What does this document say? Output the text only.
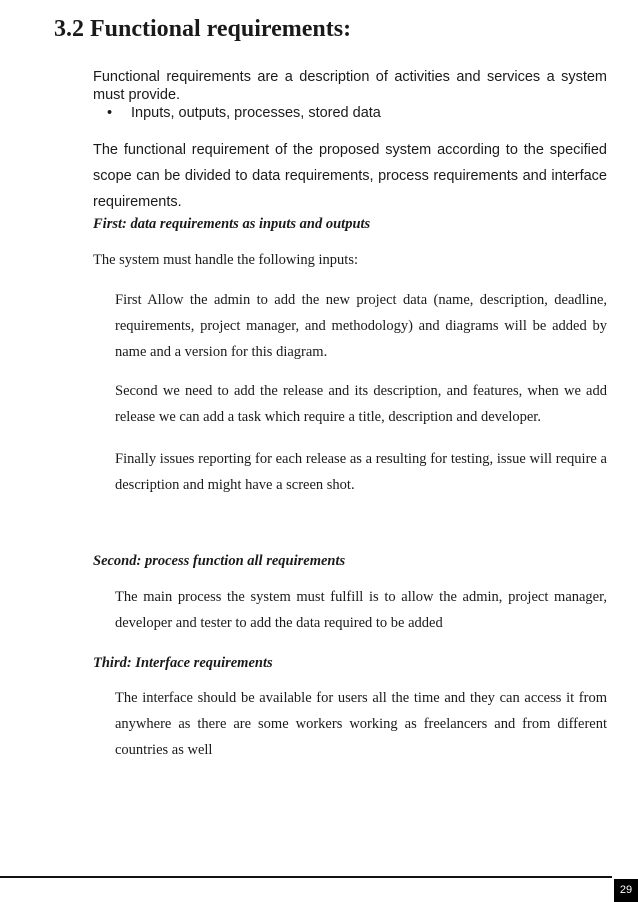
3.2 Functional requirements:

Functional requirements are a description of activities and services a system must provide.

• Inputs, outputs, processes, stored data

The functional requirement of the proposed system according to the specified scope can be divided to data requirements, process requirements and interface requirements.

First: data requirements as inputs and outputs

The system must handle the following inputs:

First Allow the admin to add the new project data (name, description, deadline, requirements, project manager, and methodology) and diagrams will be added by name and a version for this diagram.

Second we need to add the release and its description, and features, when we add release we can add a task which require a title, description and developer.

Finally issues reporting for each release as a resulting for testing, issue will require a description and might have a screen shot.

Second: process function all requirements

The main process the system must fulfill is to allow the admin, project manager, developer and tester to add the data required to be added

Third: Interface requirements

The interface should be available for users all the time and they can access it from anywhere as there are some workers working as freelancers and from different countries as well

29
